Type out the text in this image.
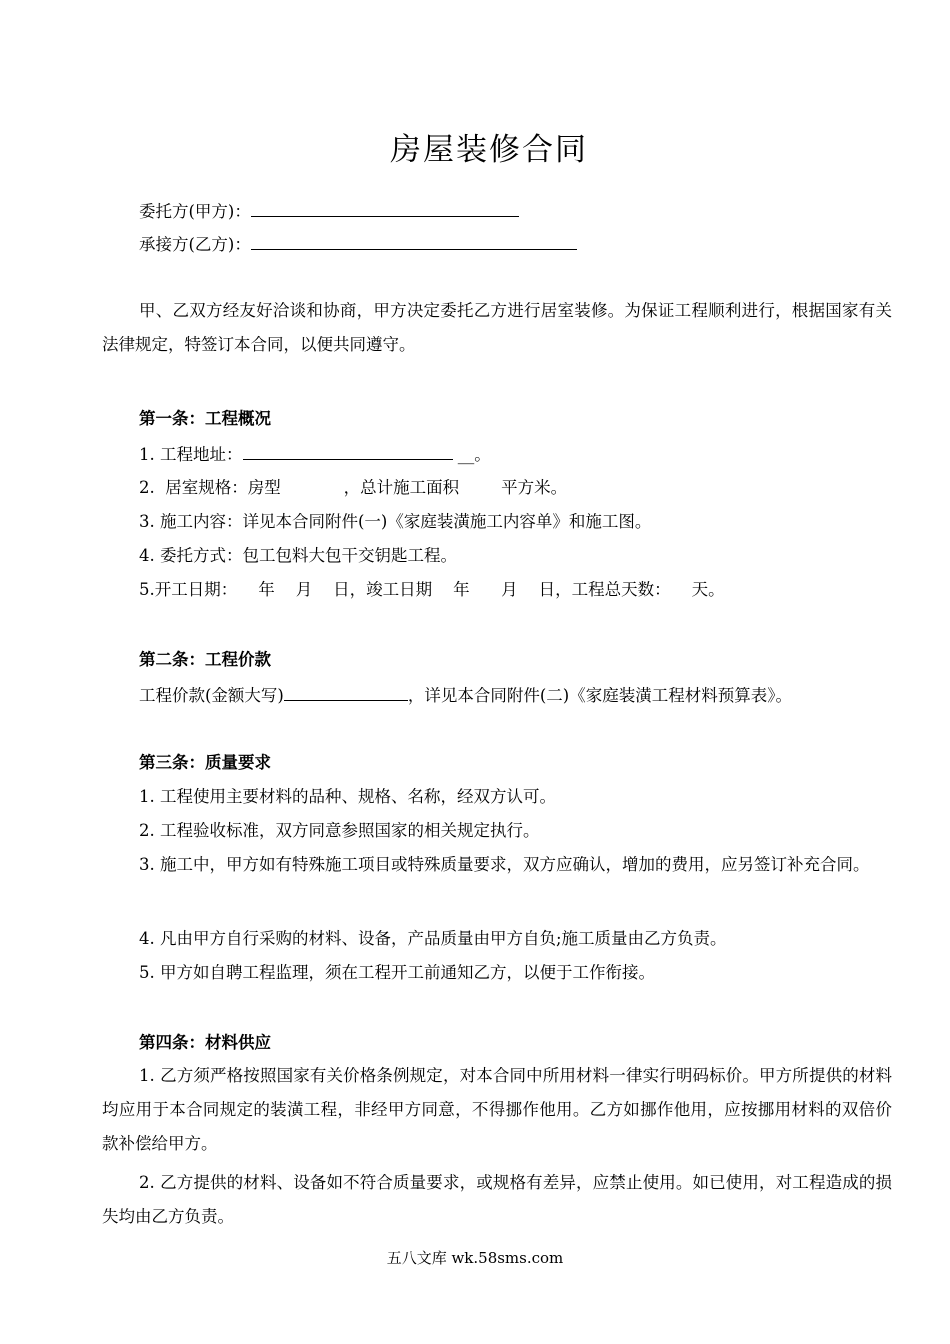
房屋装修合同
委托方(甲方)：
承接方(乙方)：
甲、乙双方经友好洽谈和协商，甲方决定委托乙方进行居室装修。为保证工程顺利进行，根据国家有关法律规定，特签订本合同，以便共同遵守。
第一条：工程概况
1. 工程地址：	__。
2.  居室规格：房型            ，总计施工面积        平方米。
3. 施工内容：详见本合同附件(一)《家庭装潢施工内容单》和施工图。
4. 委托方式：包工包料大包干交钥匙工程。
5.开工日期：    年    月    日，竣工日期    年      月    日，工程总天数：    天。
第二条：工程价款
工程价款(金额大写)	，详见本合同附件(二)《家庭装潢工程材料预算表》。
第三条：质量要求
1. 工程使用主要材料的品种、规格、名称，经双方认可。
2. 工程验收标准，双方同意参照国家的相关规定执行。
3. 施工中，甲方如有特殊施工项目或特殊质量要求，双方应确认，增加的费用，应另签订补充合同。
4. 凡由甲方自行采购的材料、设备，产品质量由甲方自负;施工质量由乙方负责。
5. 甲方如自聘工程监理，须在工程开工前通知乙方，以便于工作衔接。
第四条：材料供应
1. 乙方须严格按照国家有关价格条例规定，对本合同中所用材料一律实行明码标价。甲方所提供的材料均应用于本合同规定的装潢工程，非经甲方同意，不得挪作他用。乙方如挪作他用，应按挪用材料的双倍价款补偿给甲方。
2. 乙方提供的材料、设备如不符合质量要求，或规格有差异，应禁止使用。如已使用，对工程造成的损失均由乙方负责。
五八文库 wk.58sms.com
